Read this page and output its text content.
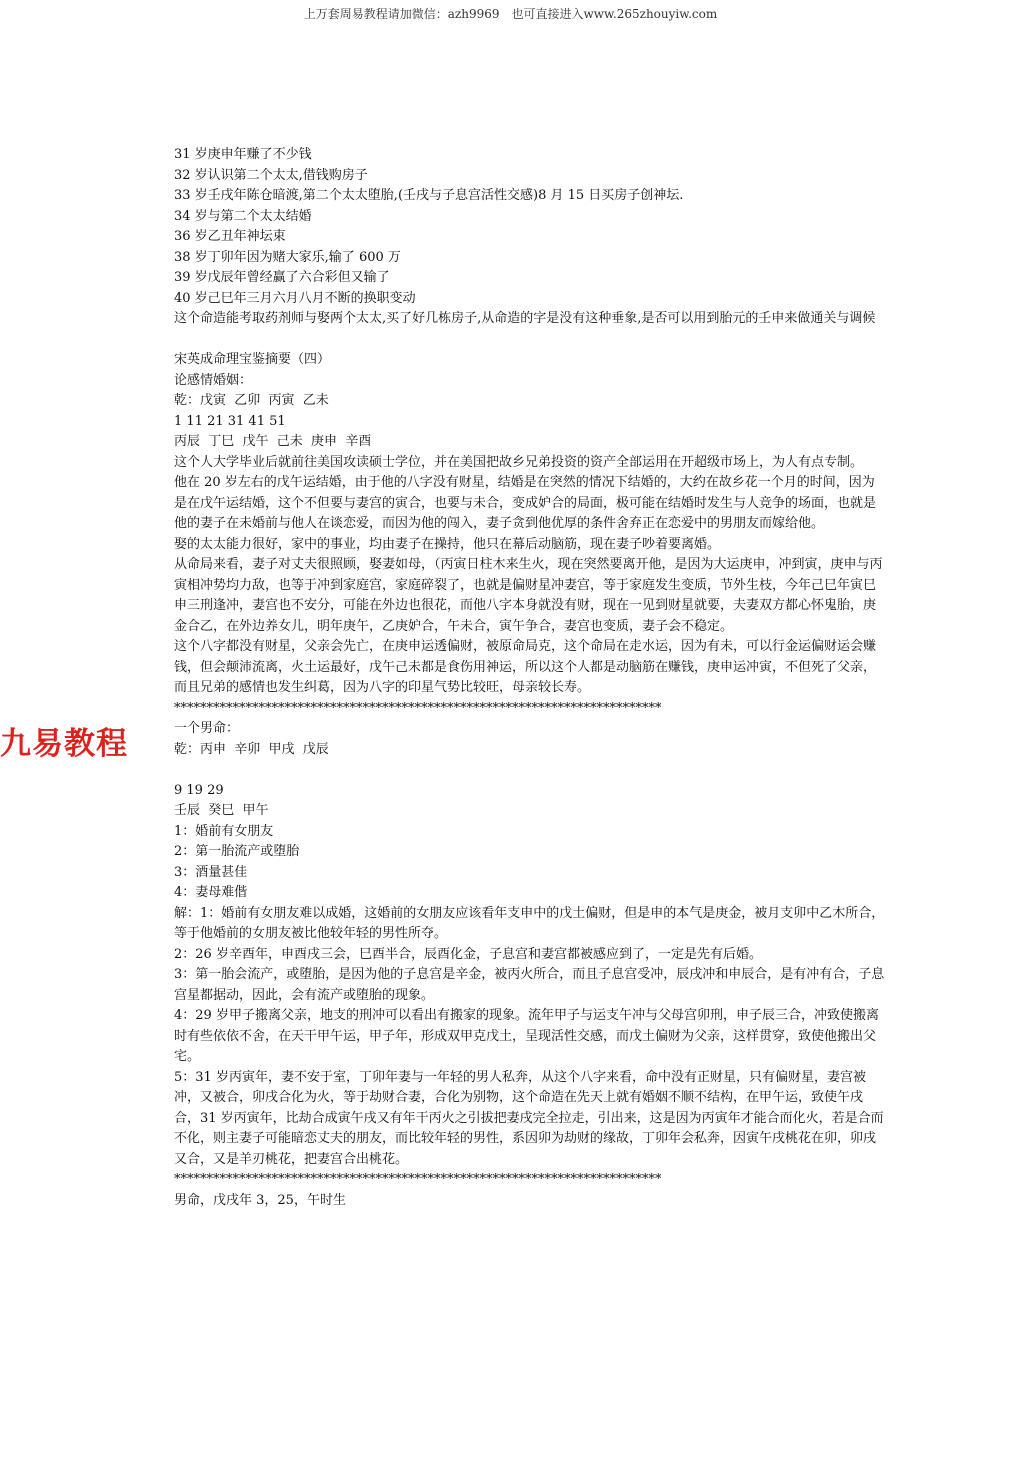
上万套周易教程请加微信：azh9969　也可直接进入www.265zhouyiw.com
九易教程
31 岁庚申年赚了不少钱
32 岁认识第二个太太,借钱购房子
33 岁壬戌年陈仓暗渡,第二个太太堕胎,(壬戌与子息宫活性交感)8 月 15 日买房子创神坛.
34 岁与第二个太太结婚
36 岁乙丑年神坛束
38 岁丁卯年因为赌大家乐,输了 600 万
39 岁戊辰年曾经赢了六合彩但又输了
40 岁己巳年三月六月八月不断的换职变动
这个命造能考取药剂师与娶两个太太,买了好几栋房子,从命造的字是没有这种垂象,是否可以用到胎元的壬申来做通关与调候
宋英成命理宝鉴摘要（四）
论感情婚姻：
乾：戊寅  乙卯  丙寅  乙未
1 11 21 31 41 51
丙辰  丁巳  戊午  己未  庚申  辛酉
这个人大学毕业后就前往美国攻读硕士学位，并在美国把故乡兄弟投资的资产全部运用在开超级市场上，为人有点专制。
他在 20 岁左右的戊午运结婚，由于他的八字没有财星，结婚是在突然的情况下结婚的，大约在故乡花一个月的时间，因为是在戊午运结婚，这个不但要与妻宫的寅合，也要与未合，变成妒合的局面，极可能在结婚时发生与人竞争的场面，也就是他的妻子在未婚前与他人在谈恋爱，而因为他的闯入，妻子贪到他优厚的条件舍弃正在恋爱中的男朋友而嫁给他。
娶的太太能力很好，家中的事业，均由妻子在操持，他只在幕后动脑筋，现在妻子吵着要离婚。
从命局来看，妻子对丈夫很照顾，娶妻如母，（丙寅日柱木来生火，现在突然要离开他，是因为大运庚申，冲到寅，庚申与丙寅相冲势均力敌，也等于冲到家庭宫，家庭碎裂了，也就是偏财星冲妻宫，等于家庭发生变质，节外生枝，今年己巳年寅巳申三刑逢冲，妻宫也不安分，可能在外边也很花，而他八字本身就没有财，现在一见到财星就要，夫妻双方都心怀鬼胎，庚金合乙，在外边养女儿，明年庚午，乙庚妒合，午未合，寅午争合，妻宫也变质，妻子会不稳定。
这个八字都没有财星，父亲会先亡，在庚申运透偏财，被原命局克，这个命局在走水运，因为有未，可以行金运偏财运会赚钱，但会颠沛流离，火土运最好，戊午己未都是食伤用神运，所以这个人都是动脑筋在赚钱，庚申运冲寅，不但死了父亲，而且兄弟的感情也发生纠葛，因为八字的印星气势比较旺，母亲较长寿。
***************************************************************************
一个男命：
乾：丙申  辛卯  甲戌  戊辰
9 19 29
壬辰  癸巳  甲午
1：婚前有女朋友
2：第一胎流产或堕胎
3：酒量甚佳
4：妻母难偕
解：1：婚前有女朋友难以成婚，这婚前的女朋友应该看年支申中的戊土偏财，但是申的本气是庚金，被月支卯中乙木所合，等于他婚前的女朋友被比他较年轻的男性所夺。
2：26 岁辛酉年，申酉戌三会，巳酉半合，辰酉化金，子息宫和妻宫都被感应到了，一定是先有后婚。
3：第一胎会流产，或堕胎，是因为他的子息宫是辛金，被丙火所合，而且子息宫受冲，辰戌冲和申辰合，是有冲有合，子息宫星都据动，因此，会有流产或堕胎的现象。
4：29 岁甲子搬离父亲，地支的刑冲可以看出有搬家的现象。流年甲子与运支午冲与父母宫卯刑，申子辰三合，冲致使搬离时有些依依不舍，在天干甲午运，甲子年，形成双甲克戊土，呈现活性交感，而戊土偏财为父亲，这样贯穿，致使他搬出父宅。
5：31 岁丙寅年，妻不安于室，丁卯年妻与一年轻的男人私奔，从这个八字来看，命中没有正财星，只有偏财星，妻宫被冲，又被合，卯戌合化为火，等于劫财合妻，合化为别物，这个命造在先天上就有婚姻不顺不结构，在甲午运，致使午戌合，31 岁丙寅年，比劫合成寅午戌又有年干丙火之引拔把妻戌完全拉走，引出来，这是因为丙寅年才能合而化火，若是合而不化，则主妻子可能暗恋丈夫的朋友，而比较年轻的男性，系因卯为劫财的缘故，丁卯年会私奔，因寅午戌桃花在卯，卯戌又合，又是羊刃桃花，把妻宫合出桃花。
***************************************************************************
男命，戊戌年 3，25，午时生
